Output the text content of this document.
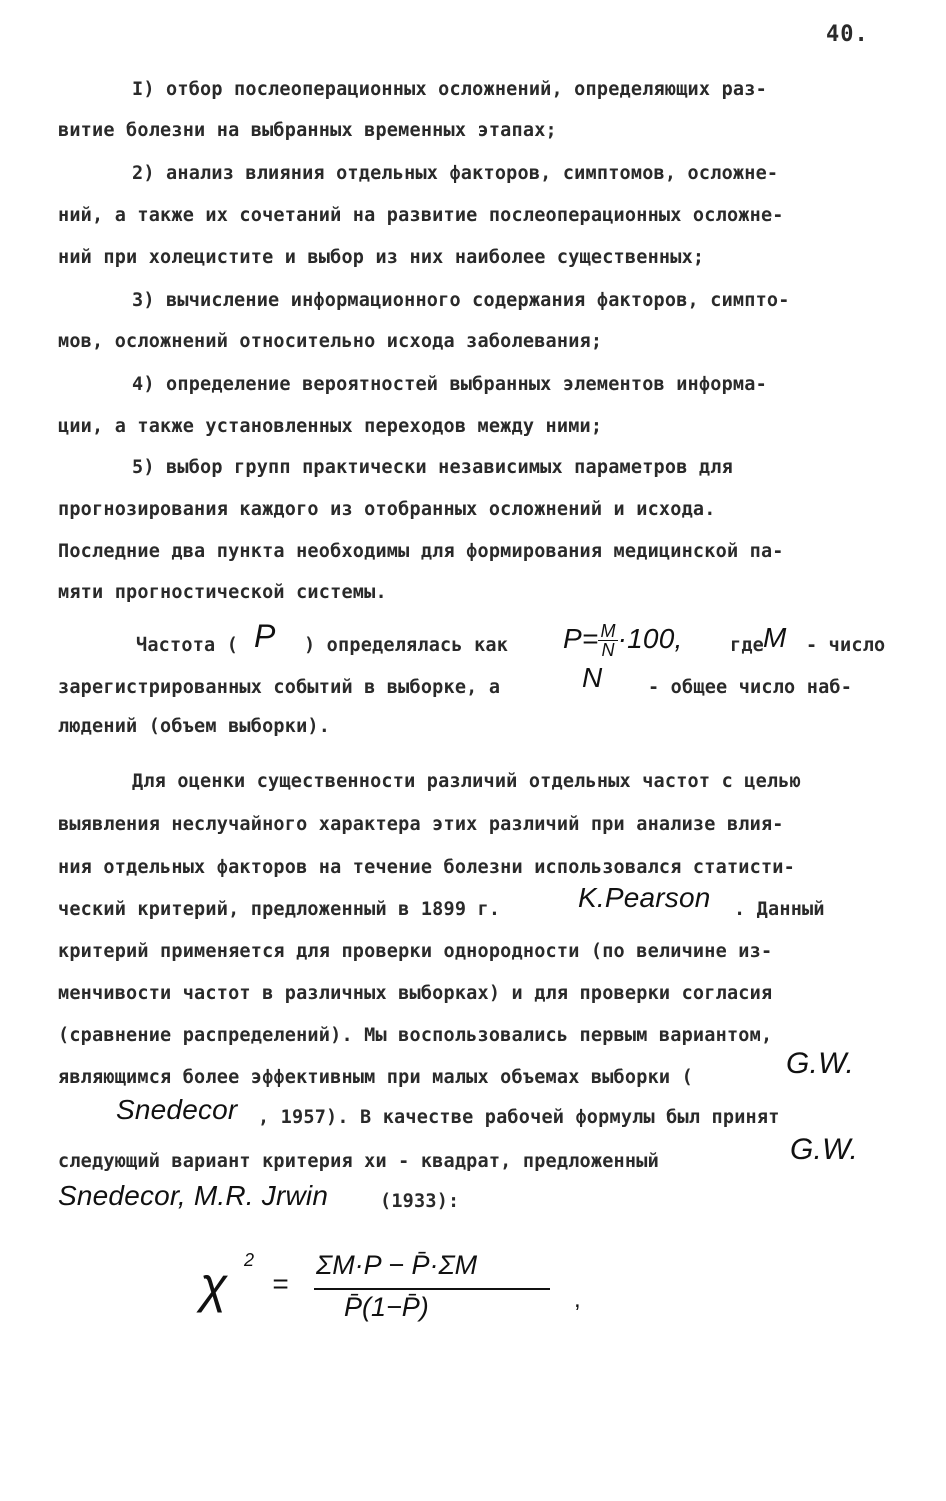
40.
I) отбор послеоперационных осложнений, определяющих раз-
витие болезни на выбранных временных этапах;
2) анализ влияния отдельных факторов, симптомов, осложне-
ний, а также их сочетаний на развитие послеоперационных осложне-
ний при холецистите и выбор из них наиболее существенных;
3) вычисление информационного содержания факторов, симпто-
мов, осложнений относительно исхода заболевания;
4) определение вероятностей выбранных элементов информа-
ции, а также установленных переходов между ними;
5) выбор групп практически независимых параметров для
прогнозирования каждого из отобранных осложнений и исхода.
Последние два пункта необходимы для формирования медицинской па-
мяти прогностической системы.
Частота ( P ) определялась как $P= \frac{M}{N} \cdot 100$,	где
M - число
зарегистрированных событий в выборке, а	N - общее число наб-
людений (объем выборки).
Для оценки существенности различий отдельных частот с целью
выявления неслучайного характера этих различий при анализе влия-
ния отдельных факторов на течение болезни использовался статисти-
ческий критерий, предложенный в 1899 г.	K.Pearson . Данный
критерий применяется для проверки однородности (по величине из-
менчивости частот в различных выборках) и для проверки согласия
(сравнение распределений). Мы воспользовались первым вариантом,
являющимся более эффективным при малых объемах выборки (	G.W.
Snedecor , 1957). В качестве рабочей формулы был принят
следующий вариант критерия хи - квадрат, предложенный	G.W.
Snedecor, M.R. Jrwin	(1933):
χ 2
=
ΣM·P − P̄·ΣM
P̄(1−P̄)	,
